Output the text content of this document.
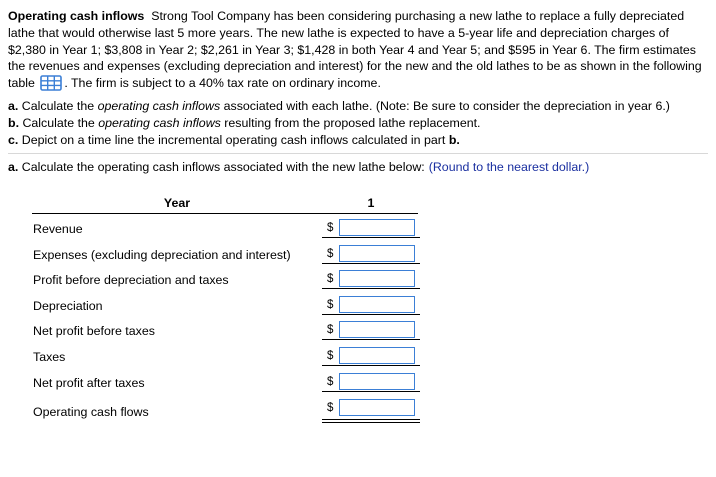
Operating cash inflows Strong Tool Company has been considering purchasing a new lathe to replace a fully depreciated lathe that would otherwise last 5 more years. The new lathe is expected to have a 5-year life and depreciation charges of $2,380 in Year 1; $3,808 in Year 2; $2,261 in Year 3; $1,428 in both Year 4 and Year 5; and $595 in Year 6. The firm estimates the revenues and expenses (excluding depreciation and interest) for the new and the old lathes to be as shown in the following table . The firm is subject to a 40% tax rate on ordinary income.

a. Calculate the operating cash inflows associated with each lathe. (Note: Be sure to consider the depreciation in year 6.)

b. Calculate the operating cash inflows resulting from the proposed lathe replacement.

c. Depict on a time line the incremental operating cash inflows calculated in part b.

a. Calculate the operating cash inflows associated with the new lathe below: (Round to the nearest dollar.)
Year	1
Revenue	$
Expenses (excluding depreciation and interest)	$
Profit before depreciation and taxes	$
Depreciation	$
Net profit before taxes	$
Taxes	$
Net profit after taxes	$
Operating cash flows	$
